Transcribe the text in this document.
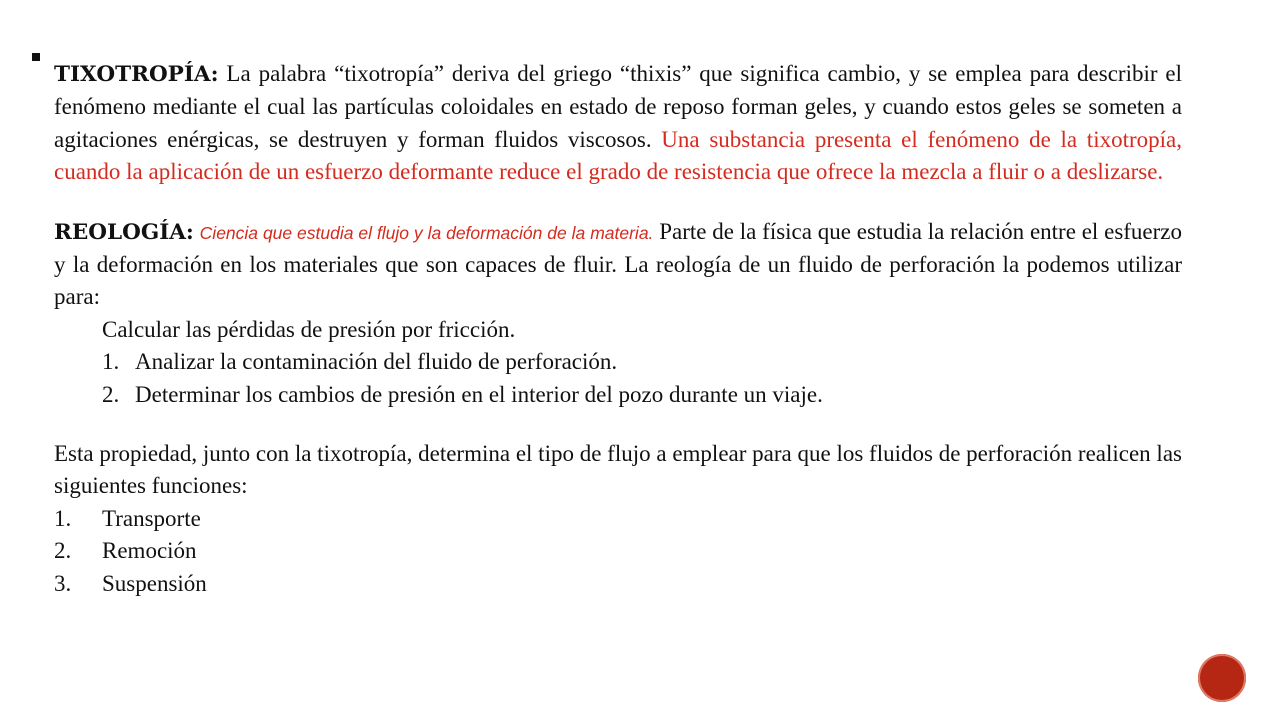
TIXOTROPÍA: La palabra “tixotropía” deriva del griego “thixis” que significa cambio, y se emplea para describir el fenómeno mediante el cual las partículas coloidales en estado de reposo forman geles, y cuando estos geles se someten a agitaciones enérgicas, se destruyen y forman fluidos viscosos. Una substancia presenta el fenómeno de la tixotropía, cuando la aplicación de un esfuerzo deformante reduce el grado de resistencia que ofrece la mezcla a fluir o a deslizarse.

REOLOGÍA: Ciencia que estudia el flujo y la deformación de la materia. Parte de la física que estudia la relación entre el esfuerzo y la deformación en los materiales que son capaces de fluir. La reología de un fluido de perforación la podemos utilizar para:

Calcular las pérdidas de presión por fricción.

1. Analizar la contaminación del fluido de perforación.

2. Determinar los cambios de presión en el interior del pozo durante un viaje.

Esta propiedad, junto con la tixotropía, determina el tipo de flujo a emplear para que los fluidos de perforación realicen las siguientes funciones:

1. Transporte

2. Remoción

3. Suspensión
